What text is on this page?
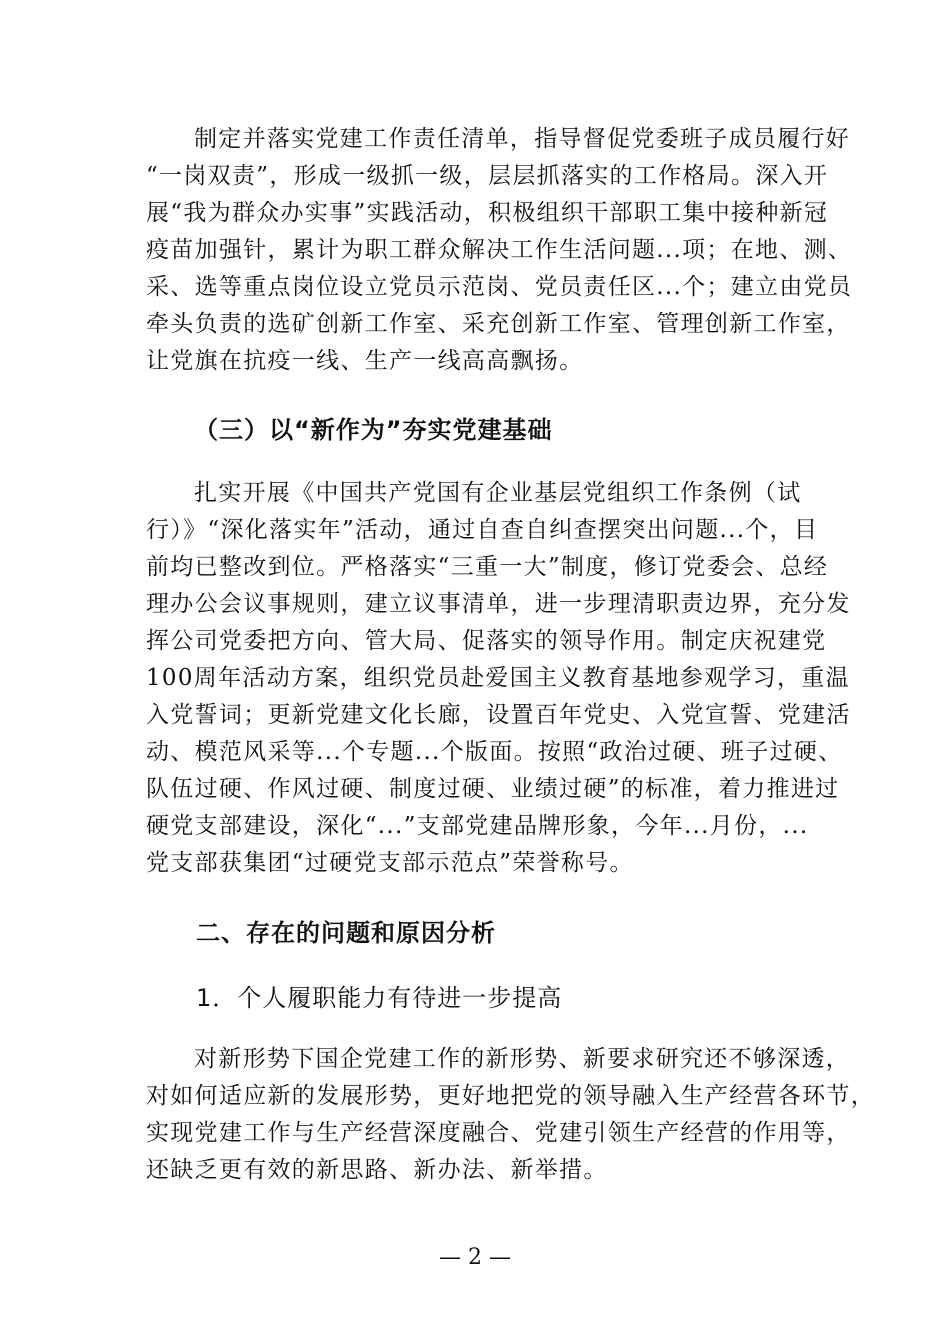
制定并落实党建工作责任清单，指导督促党委班子成员履行好
“一岗双责”，形成一级抓一级，层层抓落实的工作格局。深入开
展“我为群众办实事”实践活动，积极组织干部职工集中接种新冠
疫苗加强针，累计为职工群众解决工作生活问题...项；在地、测、
采、选等重点岗位设立党员示范岗、党员责任区...个；建立由党员
牵头负责的选矿创新工作室、采充创新工作室、管理创新工作室，
让党旗在抗疫一线、生产一线高高飘扬。
（三）以“新作为”夯实党建基础
扎实开展《中国共产党国有企业基层党组织工作条例（试
行）》“深化落实年”活动，通过自查自纠查摆突出问题...个，目
前均已整改到位。严格落实“三重一大”制度，修订党委会、总经
理办公会议事规则，建立议事清单，进一步理清职责边界，充分发
挥公司党委把方向、管大局、促落实的领导作用。制定庆祝建党
100周年活动方案，组织党员赴爱国主义教育基地参观学习，重温
入党誓词；更新党建文化长廊，设置百年党史、入党宣誓、党建活
动、模范风采等...个专题...个版面。按照“政治过硬、班子过硬、
队伍过硬、作风过硬、制度过硬、业绩过硬”的标准，着力推进过
硬党支部建设，深化“...”支部党建品牌形象，今年...月份，...
党支部获集团“过硬党支部示范点”荣誉称号。
二、存在的问题和原因分析
1．个人履职能力有待进一步提高
对新形势下国企党建工作的新形势、新要求研究还不够深透，
对如何适应新的发展形势，更好地把党的领导融入生产经营各环节，
实现党建工作与生产经营深度融合、党建引领生产经营的作用等，
还缺乏更有效的新思路、新办法、新举措。
— 2 —
